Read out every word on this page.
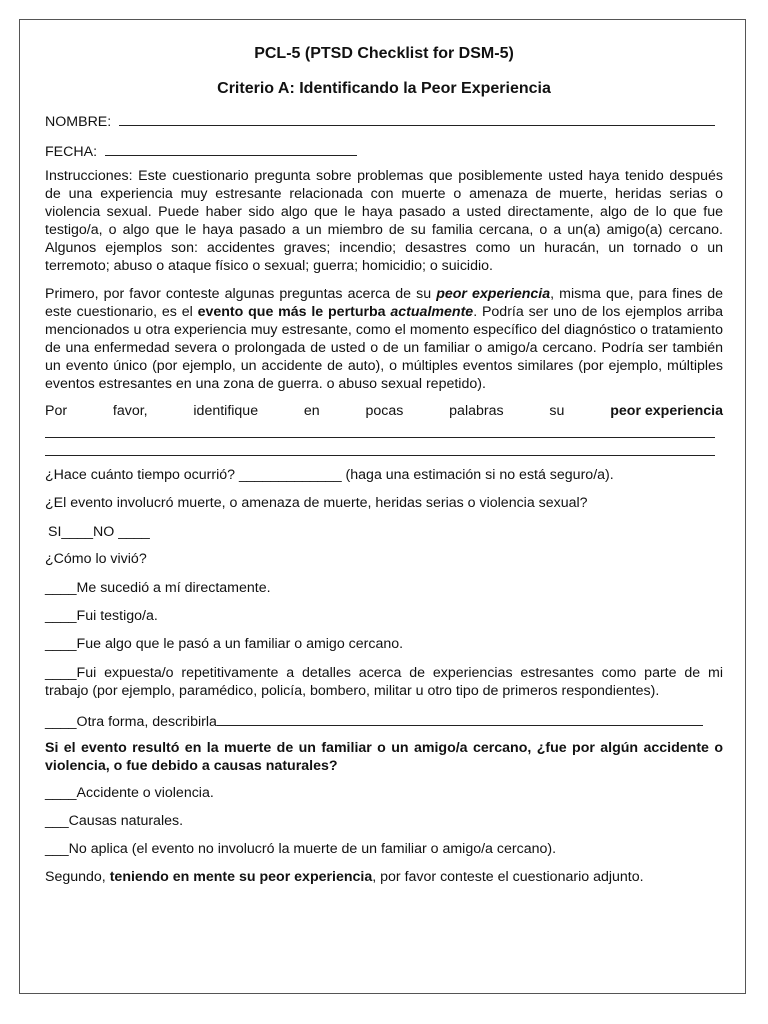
PCL-5 (PTSD Checklist for DSM-5)
Criterio A: Identificando la Peor Experiencia
NOMBRE:
FECHA:
Instrucciones: Este cuestionario pregunta sobre problemas que posiblemente usted haya tenido después de una experiencia muy estresante relacionada con muerte o amenaza de muerte, heridas serias o violencia sexual. Puede haber sido algo que le haya pasado a usted directamente, algo de lo que fue testigo/a, o algo que le haya pasado a un miembro de su familia cercana, o a un(a) amigo(a) cercano. Algunos ejemplos son: accidentes graves; incendio; desastres como un huracán, un tornado o un terremoto; abuso o ataque físico o sexual; guerra; homicidio; o suicidio.
Primero, por favor conteste algunas preguntas acerca de su peor experiencia, misma que, para fines de este cuestionario, es el evento que más le perturba actualmente. Podría ser uno de los ejemplos arriba mencionados u otra experiencia muy estresante, como el momento específico del diagnóstico o tratamiento de una enfermedad severa o prolongada de usted o de un familiar o amigo/a cercano. Podría ser también un evento único (por ejemplo, un accidente de auto), o múltiples eventos similares (por ejemplo, múltiples eventos estresantes en una zona de guerra. o abuso sexual repetido).
Por	favor,	identifique	en	pocas	palabras	su	peor experiencia
¿Hace cuánto tiempo ocurrió? _____________ (haga una estimación si no está seguro/a).
¿El evento involucró muerte, o amenaza de muerte, heridas serias o violencia sexual?
SI____NO ____
¿Cómo lo vivió?
____Me sucedió a mí directamente.
____Fui testigo/a.
____Fue algo que le pasó a un familiar o amigo cercano.
____Fui expuesta/o repetitivamente a detalles acerca de experiencias estresantes como parte de mi trabajo (por ejemplo, paramédico, policía, bombero, militar u otro tipo de primeros respondientes).
____Otra forma, describirla
Si el evento resultó en la muerte de un familiar o un amigo/a cercano, ¿fue por algún accidente o violencia, o fue debido a causas naturales?
____Accidente o violencia.
___Causas naturales.
___No aplica (el evento no involucró la muerte de un familiar o amigo/a cercano).
Segundo, teniendo en mente su peor experiencia, por favor conteste el cuestionario adjunto.
